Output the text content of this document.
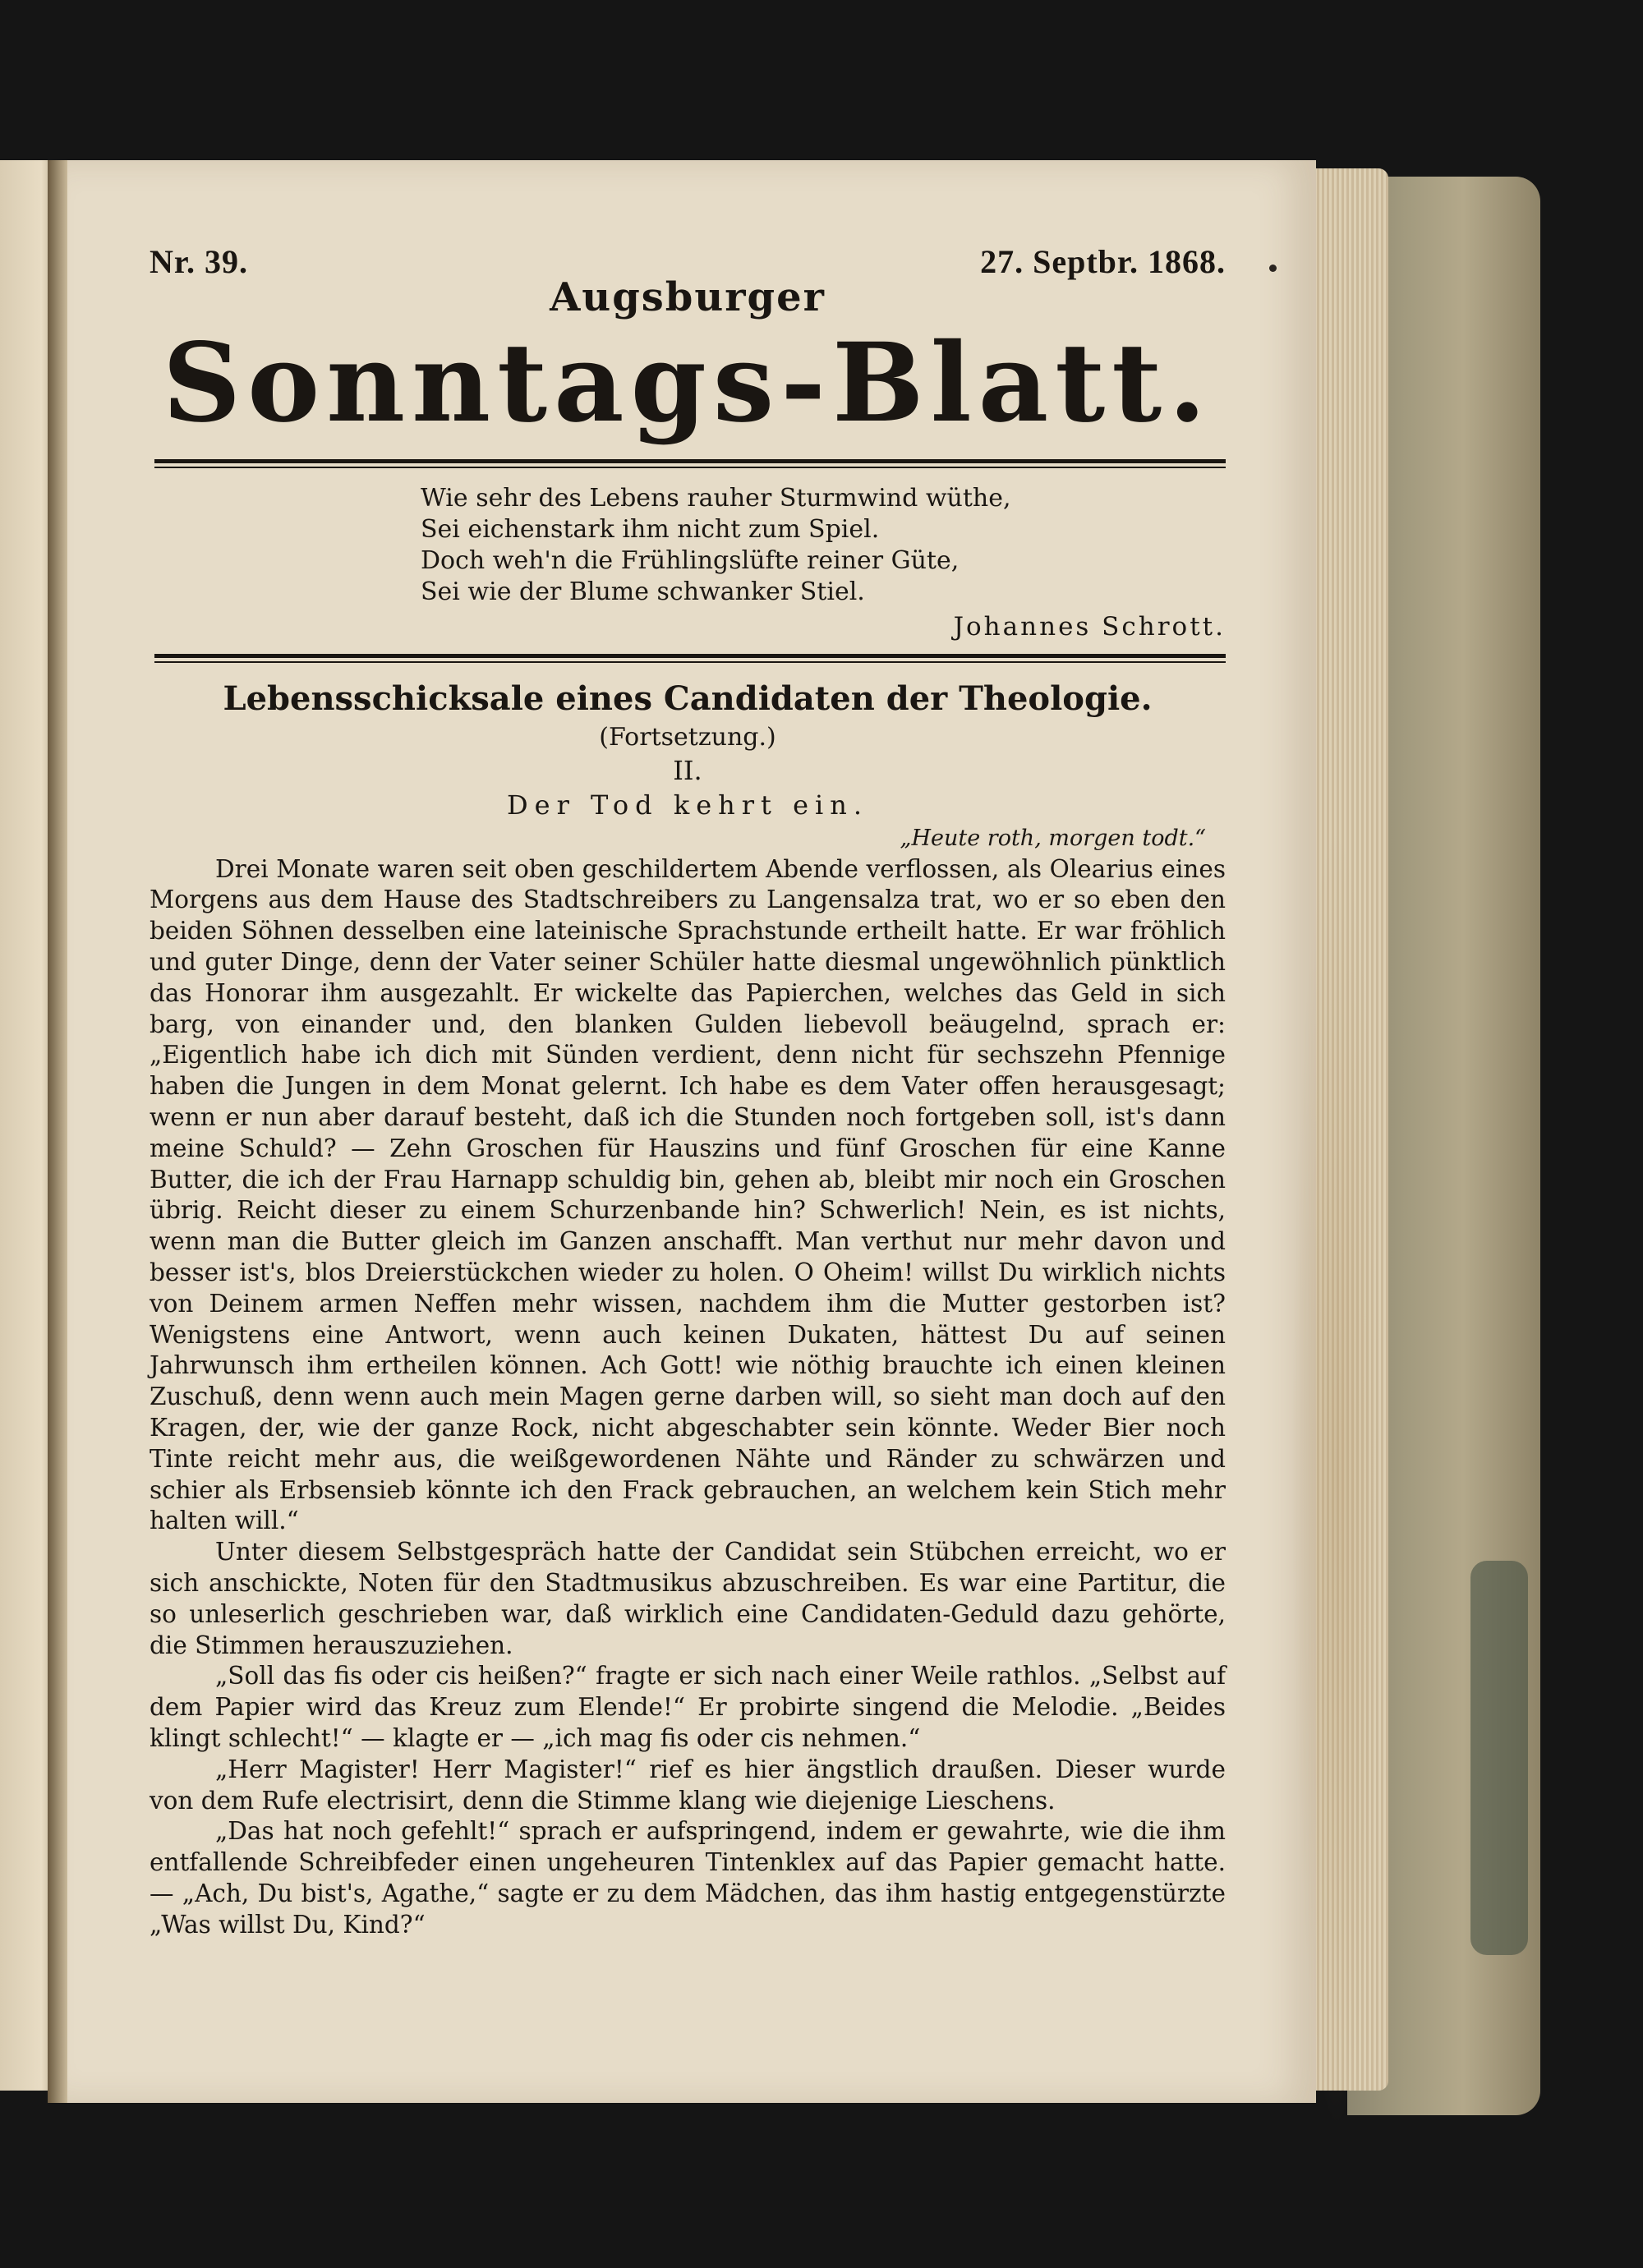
Nr. 39.	27. Septbr. 1868.
Augsburger
Sonntags-Blatt.
Wie sehr des Lebens rauher Sturmwind wüthe,
Sei eichenstark ihm nicht zum Spiel.
Doch weh'n die Frühlingslüfte reiner Güte,
Sei wie der Blume schwanker Stiel.
Johannes Schrott.
Lebensschicksale eines Candidaten der Theologie.
(Fortsetzung.)
II.
Der Tod kehrt ein.
„Heute roth, morgen todt.“

Drei Monate waren seit oben geschildertem Abende verflossen, als Olearius eines Morgens aus dem Hause des Stadtschreibers zu Langensalza trat, wo er so eben den beiden Söhnen desselben eine lateinische Sprachstunde ertheilt hatte. Er war fröhlich und guter Dinge, denn der Vater seiner Schüler hatte diesmal ungewöhnlich pünktlich das Honorar ihm ausgezahlt. Er wickelte das Papierchen, welches das Geld in sich barg, von einander und, den blanken Gulden liebevoll beäugelnd, sprach er: „Eigentlich habe ich dich mit Sünden verdient, denn nicht für sechszehn Pfennige haben die Jungen in dem Monat gelernt. Ich habe es dem Vater offen herausgesagt; wenn er nun aber darauf besteht, daß ich die Stunden noch fortgeben soll, ist's dann meine Schuld? — Zehn Groschen für Hauszins und fünf Groschen für eine Kanne Butter, die ich der Frau Harnapp schuldig bin, gehen ab, bleibt mir noch ein Groschen übrig. Reicht dieser zu einem Schurzenbande hin? Schwerlich! Nein, es ist nichts, wenn man die Butter gleich im Ganzen anschafft. Man verthut nur mehr davon und besser ist's, blos Dreierstückchen wieder zu holen. O Oheim! willst Du wirklich nichts von Deinem armen Neffen mehr wissen, nachdem ihm die Mutter gestorben ist? Wenigstens eine Antwort, wenn auch keinen Dukaten, hättest Du auf seinen Jahrwunsch ihm ertheilen können. Ach Gott! wie nöthig brauchte ich einen kleinen Zuschuß, denn wenn auch mein Magen gerne darben will, so sieht man doch auf den Kragen, der, wie der ganze Rock, nicht abgeschabter sein könnte. Weder Bier noch Tinte reicht mehr aus, die weißgewordenen Nähte und Ränder zu schwärzen und schier als Erbsensieb könnte ich den Frack gebrauchen, an welchem kein Stich mehr halten will.“

Unter diesem Selbstgespräch hatte der Candidat sein Stübchen erreicht, wo er sich anschickte, Noten für den Stadtmusikus abzuschreiben. Es war eine Partitur, die so unleserlich geschrieben war, daß wirklich eine Candidaten-Geduld dazu gehörte, die Stimmen herauszuziehen.

„Soll das fis oder cis heißen?“ fragte er sich nach einer Weile rathlos. „Selbst auf dem Papier wird das Kreuz zum Elende!“ Er probirte singend die Melodie. „Beides klingt schlecht!“ — klagte er — „ich mag fis oder cis nehmen.“

„Herr Magister! Herr Magister!“ rief es hier ängstlich draußen. Dieser wurde von dem Rufe electrisirt, denn die Stimme klang wie diejenige Lieschens.

„Das hat noch gefehlt!“ sprach er aufspringend, indem er gewahrte, wie die ihm entfallende Schreibfeder einen ungeheuren Tintenklex auf das Papier gemacht hatte. — „Ach, Du bist's, Agathe,“ sagte er zu dem Mädchen, das ihm hastig entgegenstürzte „Was willst Du, Kind?“
